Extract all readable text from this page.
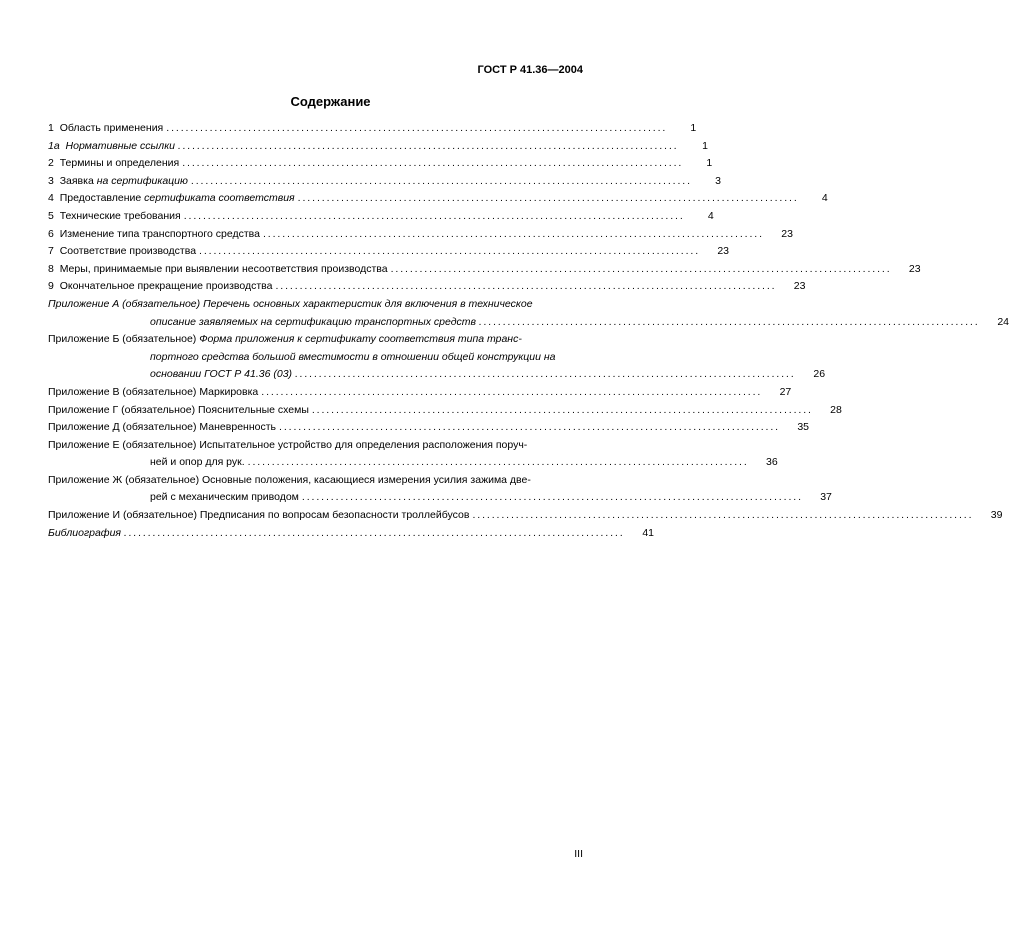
ГОСТ Р 41.36—2004
Содержание
1 Область применения ........................................................................................................	1
1а Нормативные ссылки ........................................................................................................	1
2 Термины и определения ........................................................................................................	1
3 Заявка на сертификацию ........................................................................................................	3
4 Предоставление сертификата соответствия ........................................................................................................	4
5 Технические требования ........................................................................................................	4
6 Изменение типа транспортного средства ........................................................................................................	23
7 Соответствие производства ........................................................................................................	23
8 Меры, принимаемые при выявлении несоответствия производства ........................................................................................................	23
9 Окончательное прекращение производства ........................................................................................................	23
Приложение А (обязательное) Перечень основных характеристик для включения в техническое
описание заявляемых на сертификацию транспортных средств ........................................................................................................	24
Приложение Б (обязательное) Форма приложения к сертификату соответствия типа транс-
портного средства большой вместимости в отношении общей конструкции на
основании ГОСТ Р 41.36 (03) ........................................................................................................	26
Приложение В (обязательное) Маркировка ........................................................................................................	27
Приложение Г (обязательное) Пояснительные схемы ........................................................................................................	28
Приложение Д (обязательное) Маневренность ........................................................................................................	35
Приложение Е (обязательное) Испытательное устройство для определения расположения поруч-
ней и опор для рук. ........................................................................................................	36
Приложение Ж (обязательное) Основные положения, касающиеся измерения усилия зажима две-
рей с механическим приводом ........................................................................................................	37
Приложение И (обязательное) Предписания по вопросам безопасности троллейбусов ........................................................................................................	39
Библиография ........................................................................................................	41
III
